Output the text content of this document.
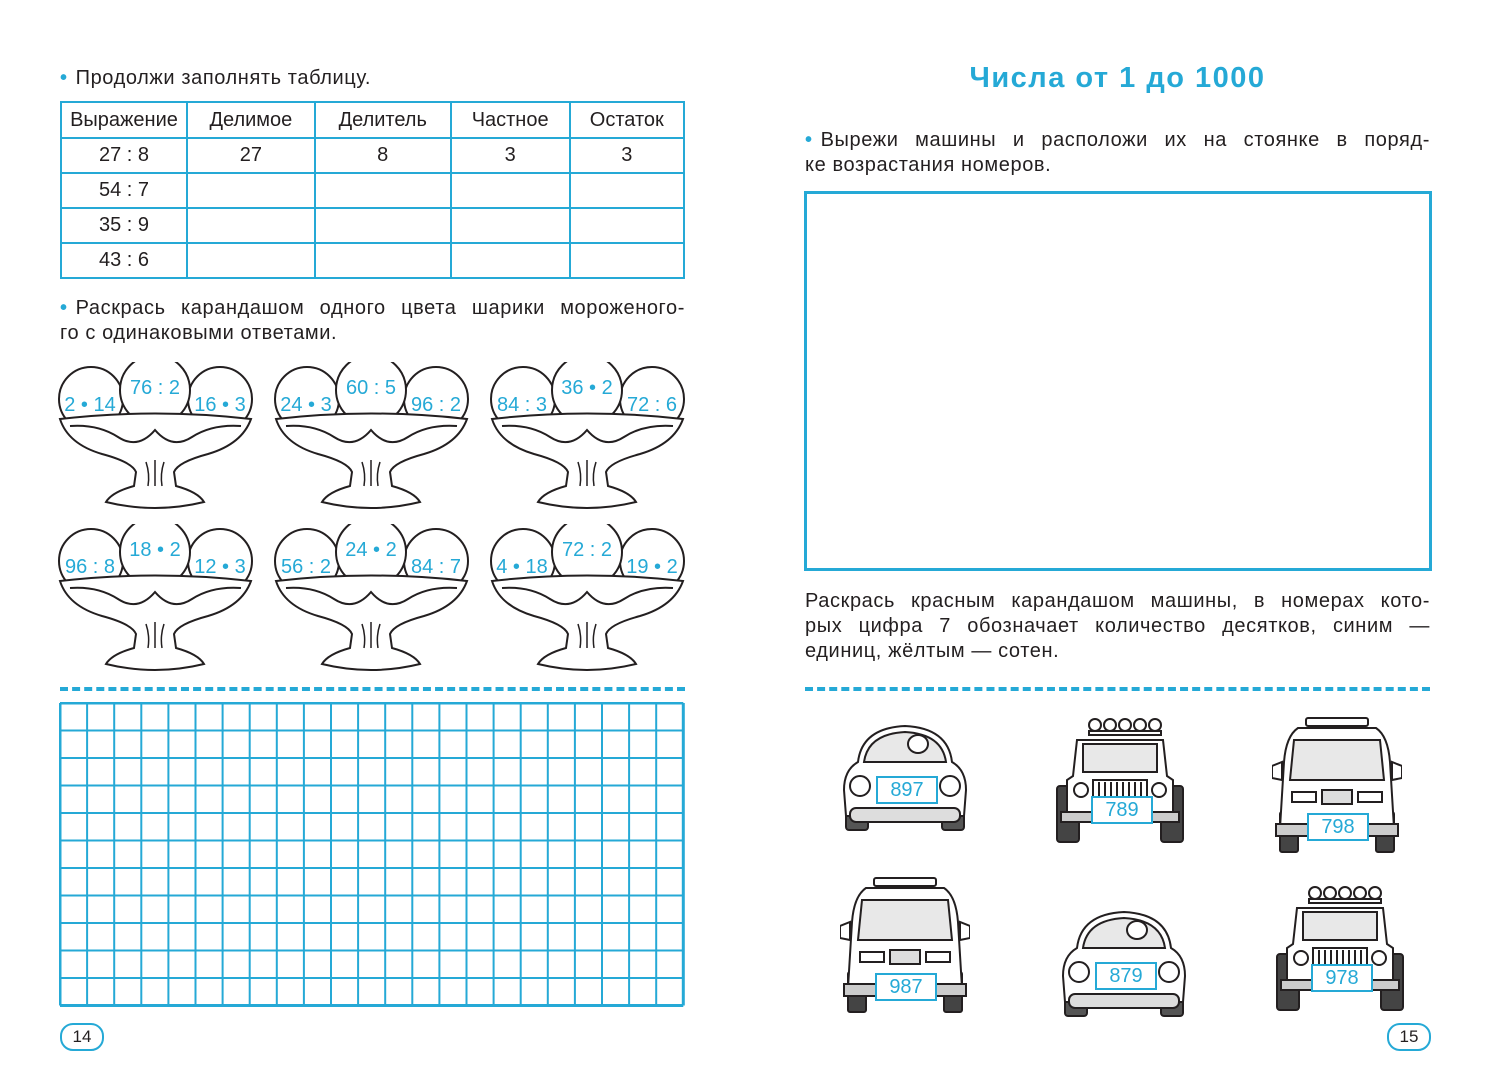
• Продолжи заполнять таблицу.
Выражение	Делимое	Делитель	Частное	Остаток
27 : 8	27	8	3	3
54 : 7				
35 : 9				
43 : 6				
• Раскрась карандашом одного цвета шарики мороженого-
го с одинаковыми ответами.
2 • 14
76 : 2
16 • 3	24 • 3
60 : 5
96 : 2	84 : 3
36 • 2
72 : 6
96 : 8
18 • 2
12 • 3	56 : 2
24 • 2
84 : 7	4 • 18
72 : 2
19 • 2
14
Числа от 1 до 1000
• Вырежи машины и расположи их на стоянке в поряд-
ке возрастания номеров.
Раскрась красным карандашом машины, в номерах кото-
рых цифра 7 обозначает количество десятков, синим —
единиц, жёлтым — сотен.
897
789
798
987	879	978
15
